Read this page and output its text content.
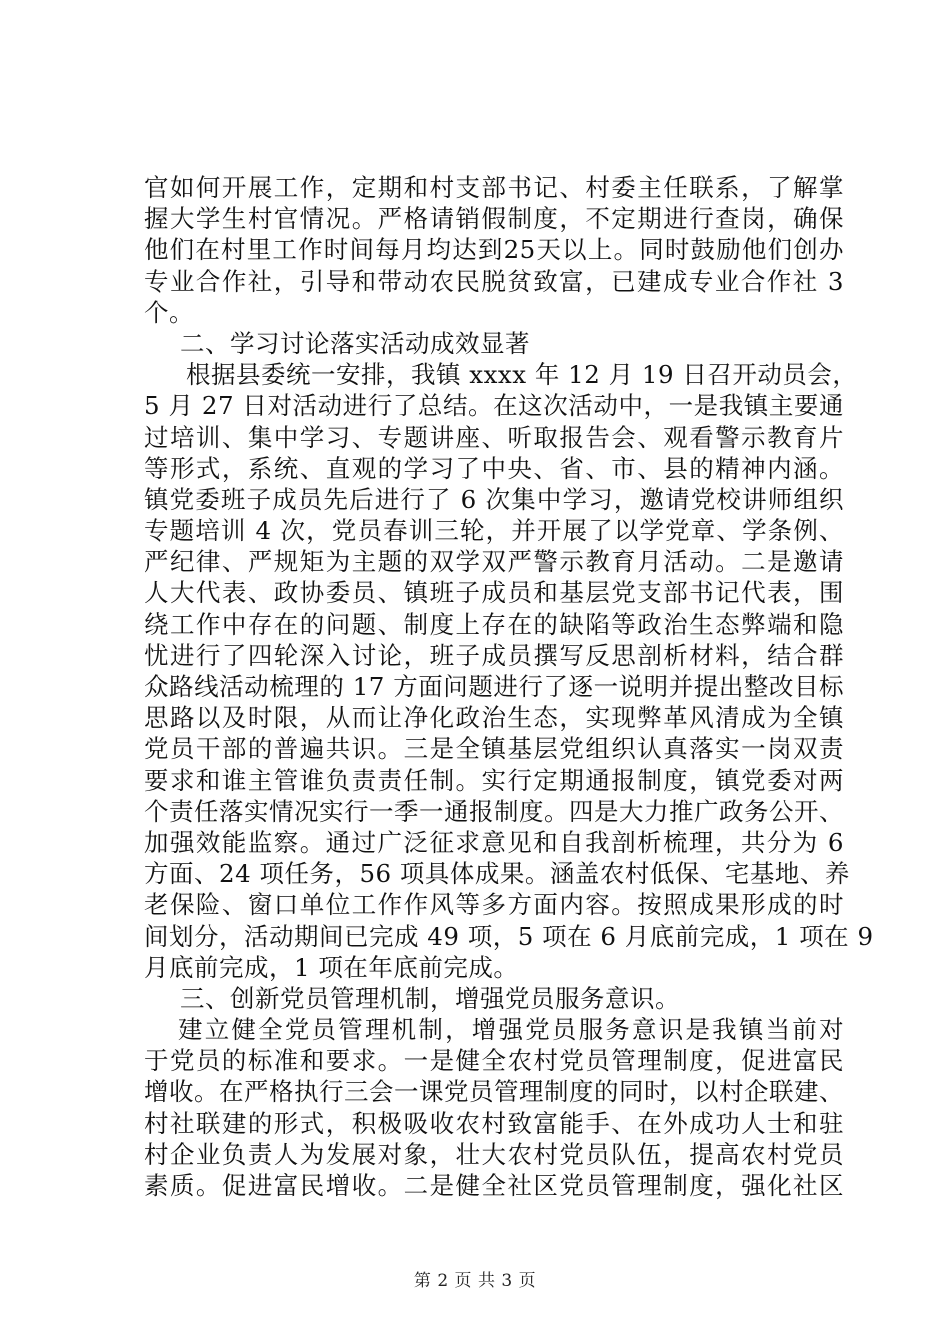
官如何开展工作，定期和村支部书记、村委主任联系，了解掌
握大学生村官情况。严格请销假制度，不定期进行查岗，确保
他们在村里工作时间每月均达到25天以上。同时鼓励他们创办
专业合作社，引导和带动农民脱贫致富，已建成专业合作社 3
个。
二、学习讨论落实活动成效显著
根据县委统一安排，我镇 xxxx 年 12 月 19 日召开动员会，
5 月 27 日对活动进行了总结。在这次活动中，一是我镇主要通
过培训、集中学习、专题讲座、听取报告会、观看警示教育片
等形式，系统、直观的学习了中央、省、市、县的精神内涵。
镇党委班子成员先后进行了 6 次集中学习，邀请党校讲师组织
专题培训 4 次，党员春训三轮，并开展了以学党章、学条例、
严纪律、严规矩为主题的双学双严警示教育月活动。二是邀请
人大代表、政协委员、镇班子成员和基层党支部书记代表，围
绕工作中存在的问题、制度上存在的缺陷等政治生态弊端和隐
忧进行了四轮深入讨论，班子成员撰写反思剖析材料，结合群
众路线活动梳理的 17 方面问题进行了逐一说明并提出整改目标
思路以及时限，从而让净化政治生态，实现弊革风清成为全镇
党员干部的普遍共识。三是全镇基层党组织认真落实一岗双责
要求和谁主管谁负责责任制。实行定期通报制度，镇党委对两
个责任落实情况实行一季一通报制度。四是大力推广政务公开、
加强效能监察。通过广泛征求意见和自我剖析梳理，共分为 6
方面、24 项任务，56 项具体成果。涵盖农村低保、宅基地、养
老保险、窗口单位工作作风等多方面内容。按照成果形成的时
间划分，活动期间已完成 49 项，5 项在 6 月底前完成，1 项在 9
月底前完成，1 项在年底前完成。
三、创新党员管理机制，增强党员服务意识。
建立健全党员管理机制，增强党员服务意识是我镇当前对
于党员的标准和要求。一是健全农村党员管理制度，促进富民
增收。在严格执行三会一课党员管理制度的同时，以村企联建、
村社联建的形式，积极吸收农村致富能手、在外成功人士和驻
村企业负责人为发展对象，壮大农村党员队伍，提高农村党员
素质。促进富民增收。二是健全社区党员管理制度，强化社区
第 2 页 共 3 页
